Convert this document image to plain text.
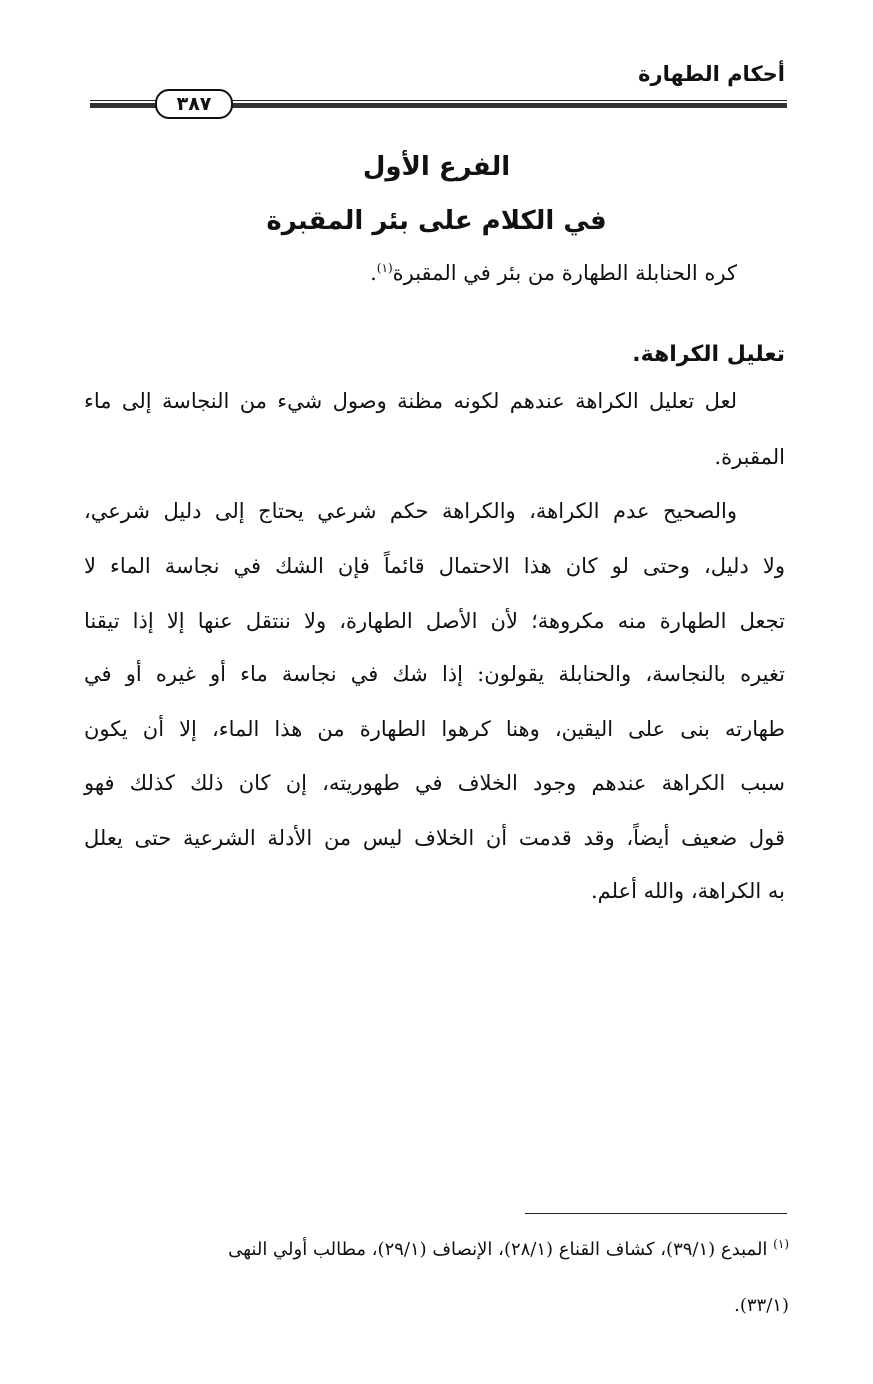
أحكام الطهارة
٣٨٧
الفرع الأول
في الكلام على بئر المقبرة
كره الحنابلة الطهارة من بئر في المقبرة$^{(١)}$.
تعليل الكراهة.
لعل تعليل الكراهة عندهم لكونه مظنة وصول شيء من النجاسة إلى ماء
المقبرة.
والصحيح عدم الكراهة، والكراهة حكم شرعي يحتاج إلى دليل شرعي،
ولا دليل، وحتى لو كان هذا الاحتمال قائماً فإن الشك في نجاسة الماء لا
تجعل الطهارة منه مكروهة؛ لأن الأصل الطهارة، ولا ننتقل عنها إلا إذا تيقنا
تغيره بالنجاسة، والحنابلة يقولون: إذا شك في نجاسة ماء أو غيره أو في
طهارته بنى على اليقين، وهنا كرهوا الطهارة من هذا الماء، إلا أن يكون
سبب الكراهة عندهم وجود الخلاف في طهوريته، إن كان ذلك كذلك فهو
قول ضعيف أيضاً، وقد قدمت أن الخلاف ليس من الأدلة الشرعية حتى يعلل
به الكراهة، والله أعلم.
$^{(١)}$ المبدع (٣٩/١)، كشاف القناع (٢٨/١)، الإنصاف (٢٩/١)، مطالب أولي النهى
(٣٣/١).
